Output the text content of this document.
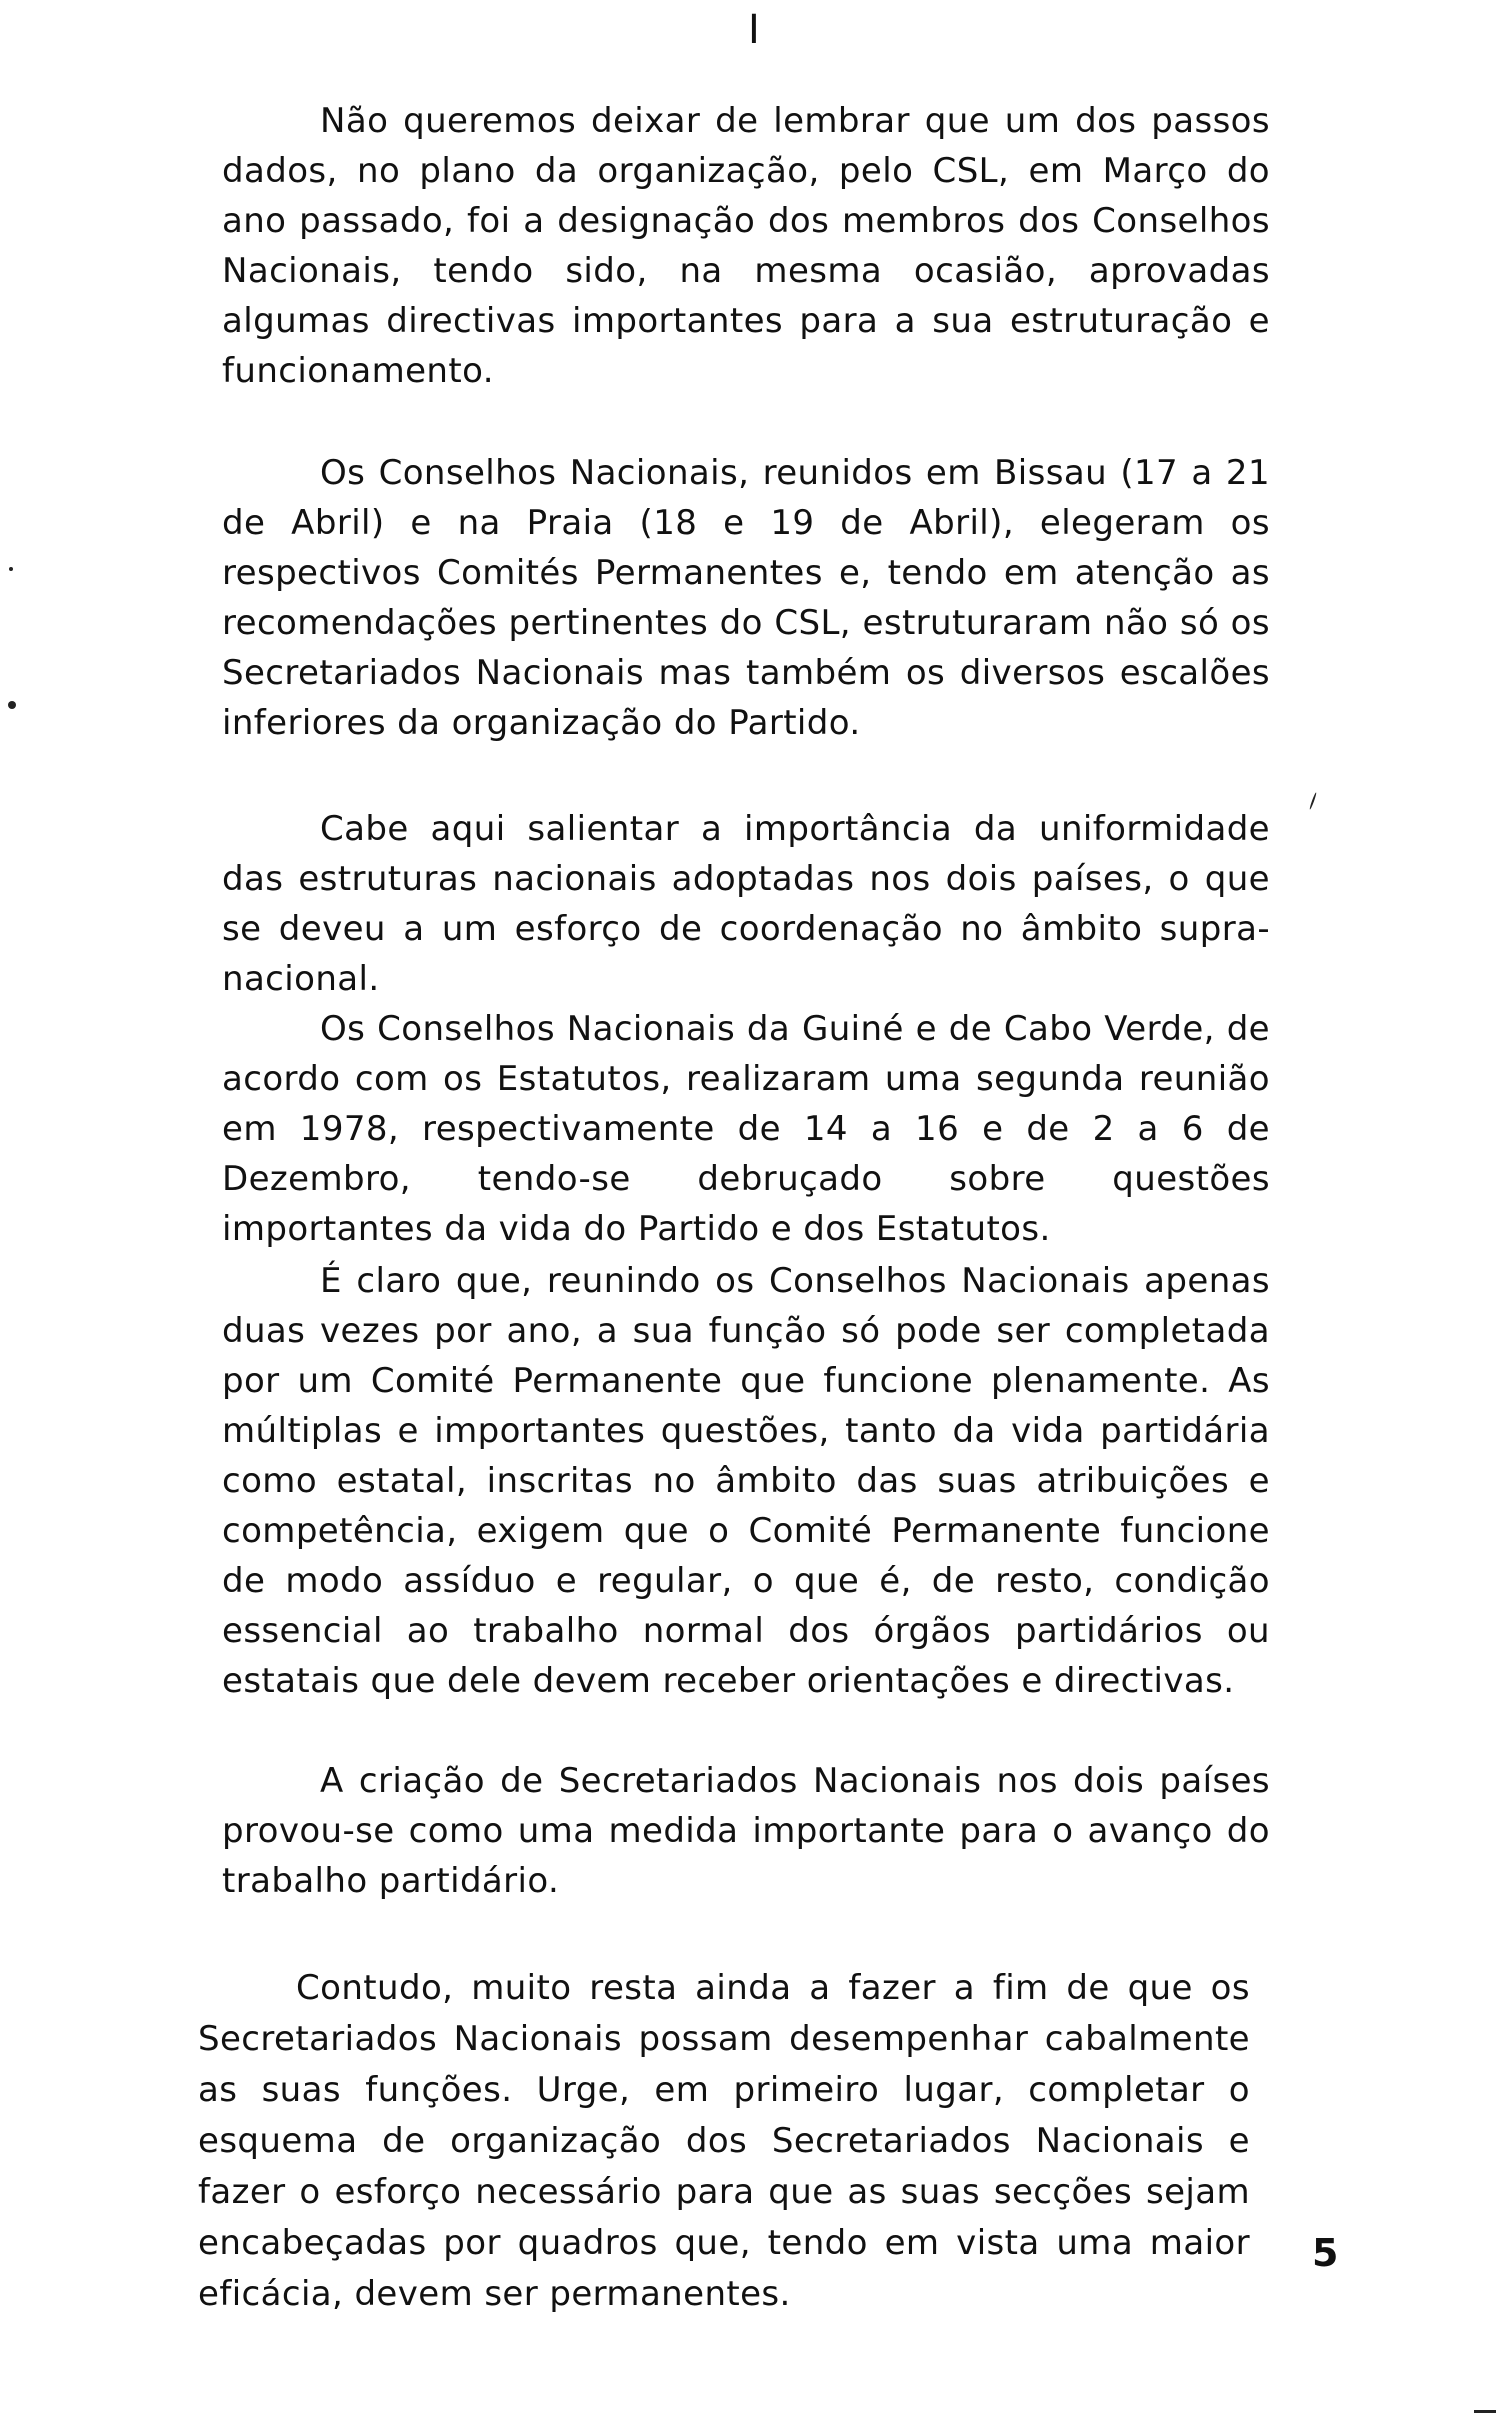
I

Não queremos deixar de lembrar que um dos passos dados, no plano da organização, pelo CSL, em Março do ano passado, foi a designação dos membros dos Conselhos Nacionais, tendo sido, na mesma ocasião, aprovadas algumas directivas importantes para a sua estruturação e funcionamento.

Os Conselhos Nacionais, reunidos em Bissau (17 a 21 de Abril) e na Praia (18 e 19 de Abril), elegeram os respectivos Comités Permanentes e, tendo em atenção as recomendações pertinentes do CSL, estruturaram não só os Secretariados Nacionais mas também os diversos escalões inferiores da organização do Partido.

Cabe aqui salientar a importância da uniformidade das estruturas nacionais adoptadas nos dois países, o que se deveu a um esforço de coordenação no âmbito supra-nacional.

Os Conselhos Nacionais da Guiné e de Cabo Verde, de acordo com os Estatutos, realizaram uma segunda reunião em 1978, respectivamente de 14 a 16 e de 2 a 6 de Dezembro, tendo-se debruçado sobre questões importantes da vida do Partido e dos Estatutos.

É claro que, reunindo os Conselhos Nacionais apenas duas vezes por ano, a sua função só pode ser completada por um Comité Permanente que funcione plenamente. As múltiplas e importantes questões, tanto da vida partidária como estatal, inscritas no âmbito das suas atribuições e competência, exigem que o Comité Permanente funcione de modo assíduo e regular, o que é, de resto, condição essencial ao trabalho normal dos órgãos partidários ou estatais que dele devem receber orientações e directivas.

A criação de Secretariados Nacionais nos dois países provou-se como uma medida importante para o avanço do trabalho partidário.

Contudo, muito resta ainda a fazer a fim de que os Secretariados Nacionais possam desempenhar cabalmente as suas funções. Urge, em primeiro lugar, completar o esquema de organização dos Secretariados Nacionais e fazer o esforço necessário para que as suas secções sejam encabeçadas por quadros que, tendo em vista uma maior eficácia, devem ser permanentes.

5
